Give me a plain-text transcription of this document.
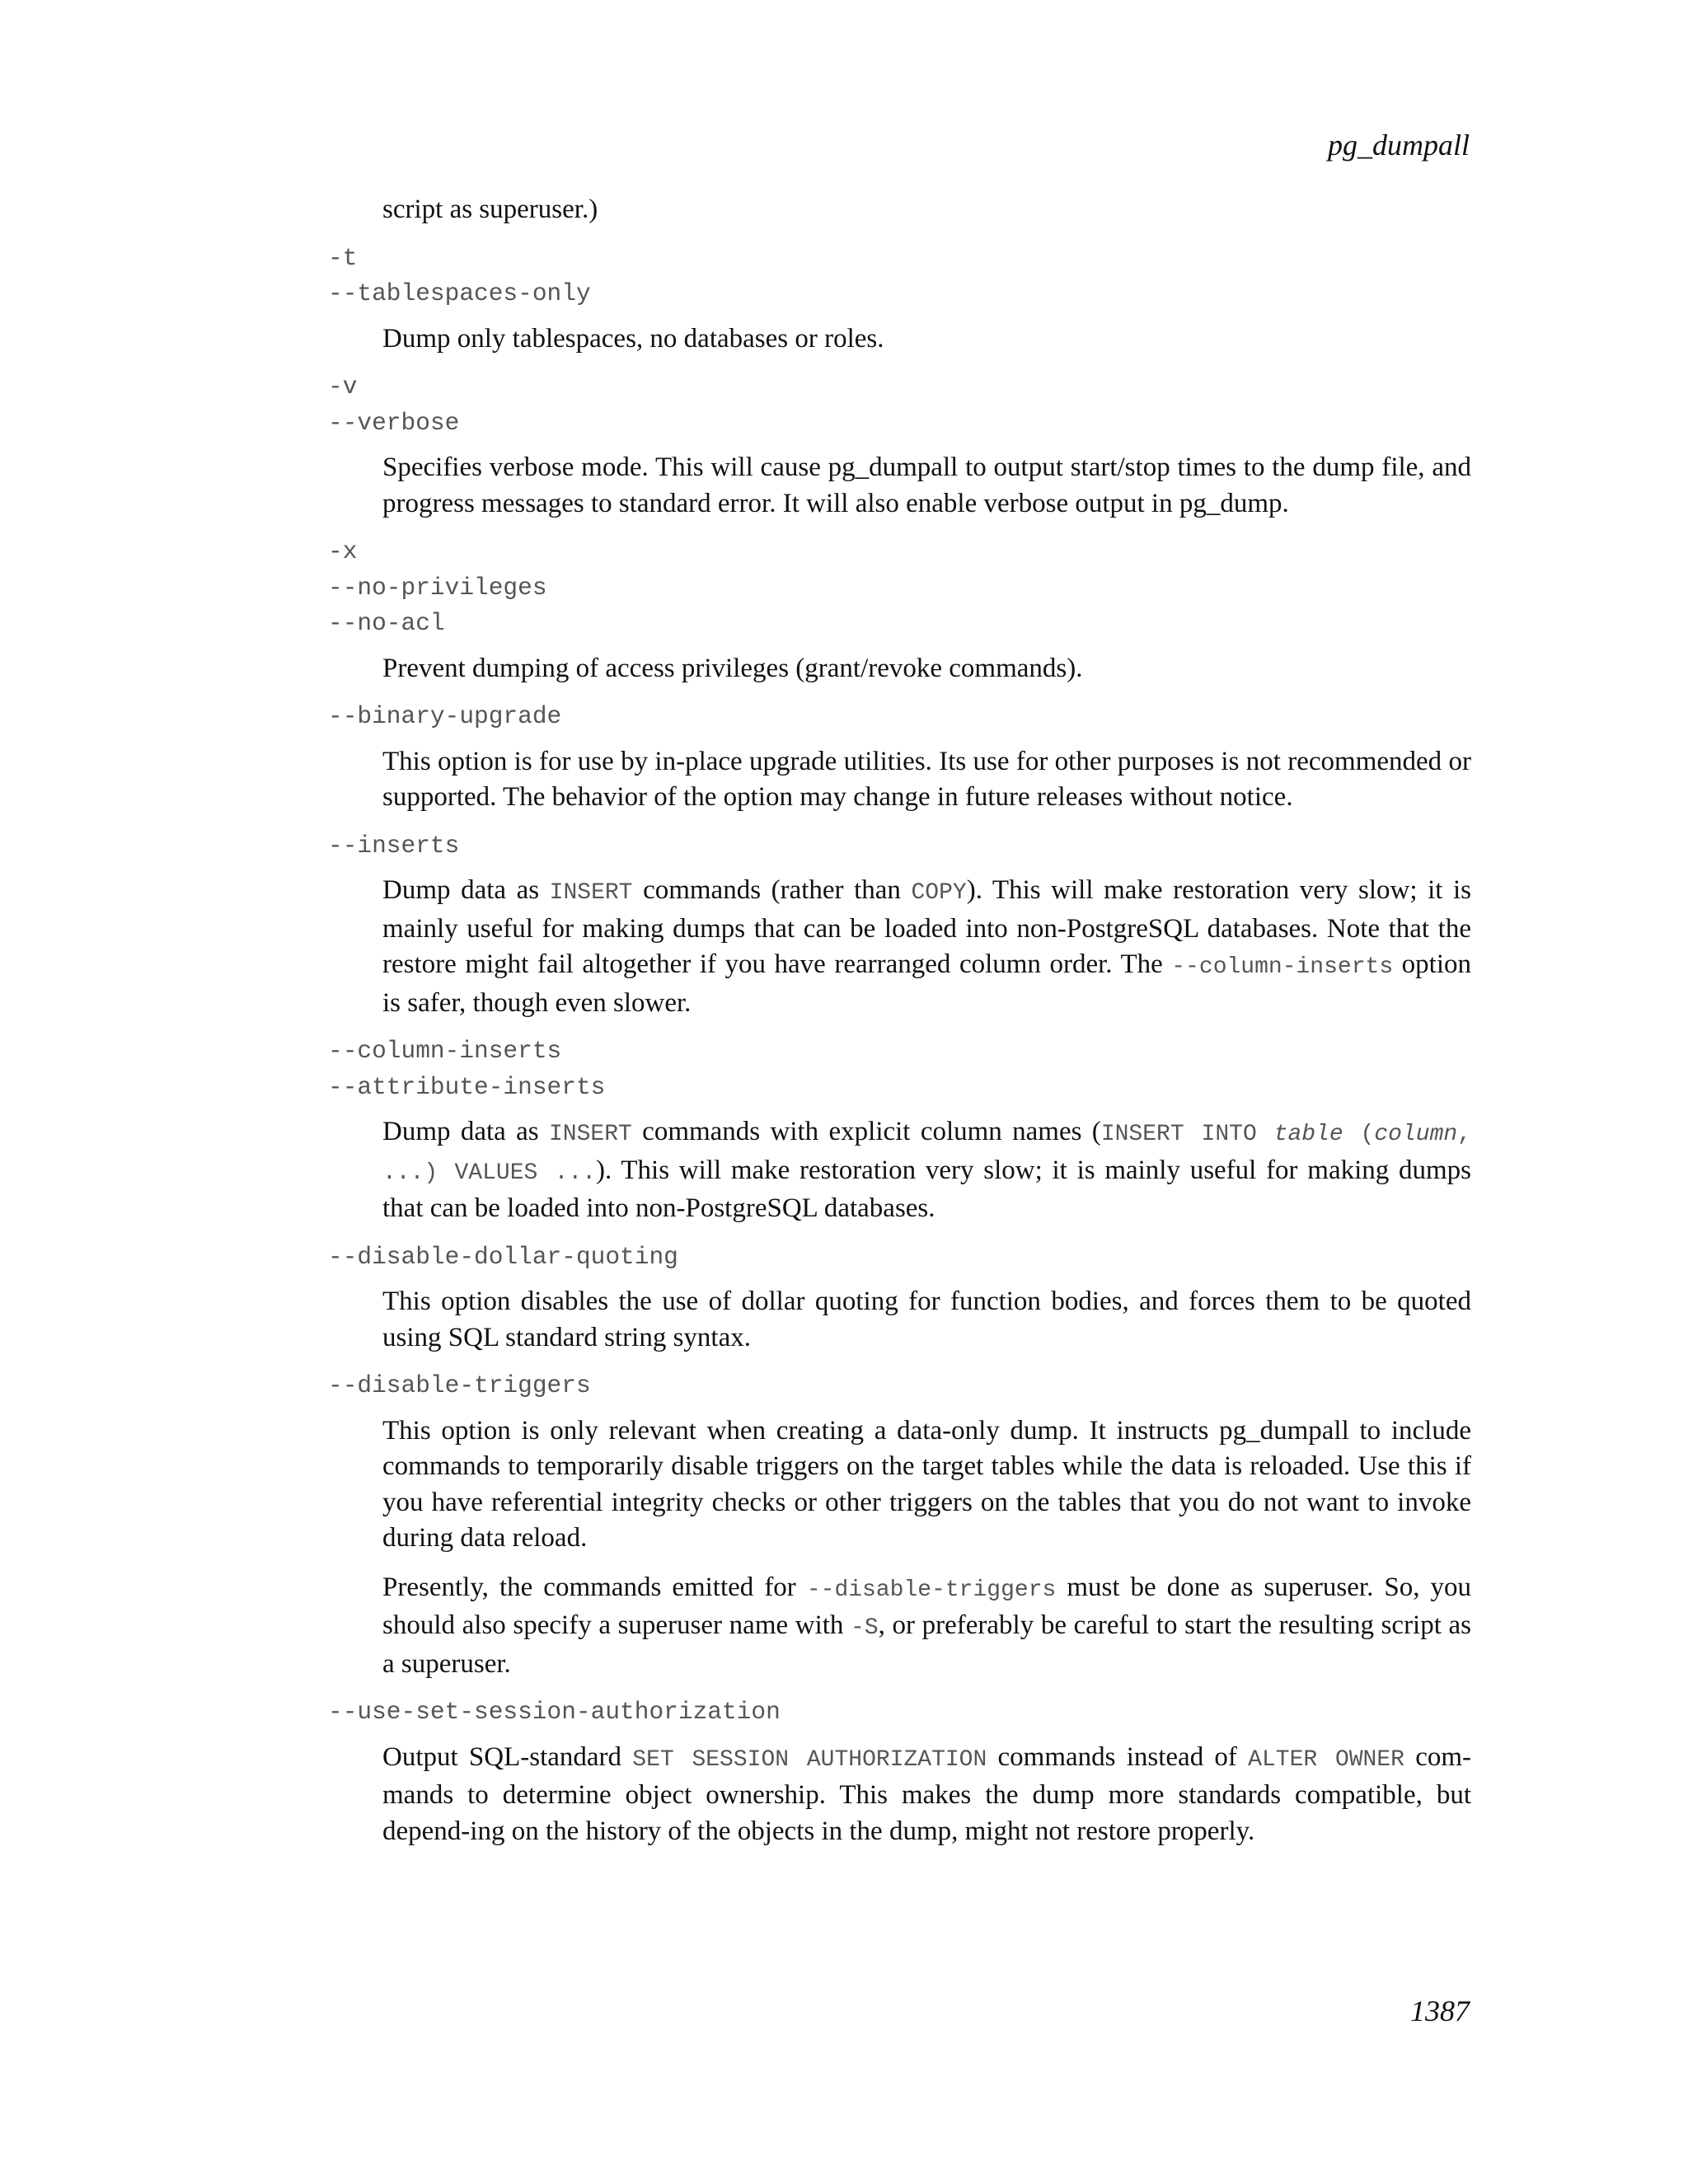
pg_dumpall
script as superuser.)
-t
--tablespaces-only
Dump only tablespaces, no databases or roles.
-v
--verbose
Specifies verbose mode. This will cause pg_dumpall to output start/stop times to the dump file, and progress messages to standard error. It will also enable verbose output in pg_dump.
-x
--no-privileges
--no-acl
Prevent dumping of access privileges (grant/revoke commands).
--binary-upgrade
This option is for use by in-place upgrade utilities. Its use for other purposes is not recommended or supported. The behavior of the option may change in future releases without notice.
--inserts
Dump data as INSERT commands (rather than COPY). This will make restoration very slow; it is mainly useful for making dumps that can be loaded into non-PostgreSQL databases. Note that the restore might fail altogether if you have rearranged column order. The --column-inserts option is safer, though even slower.
--column-inserts
--attribute-inserts
Dump data as INSERT commands with explicit column names (INSERT INTO table (column, ...) VALUES ...). This will make restoration very slow; it is mainly useful for making dumps that can be loaded into non-PostgreSQL databases.
--disable-dollar-quoting
This option disables the use of dollar quoting for function bodies, and forces them to be quoted using SQL standard string syntax.
--disable-triggers
This option is only relevant when creating a data-only dump. It instructs pg_dumpall to include commands to temporarily disable triggers on the target tables while the data is reloaded. Use this if you have referential integrity checks or other triggers on the tables that you do not want to invoke during data reload.
Presently, the commands emitted for --disable-triggers must be done as superuser. So, you should also specify a superuser name with -S, or preferably be careful to start the resulting script as a superuser.
--use-set-session-authorization
Output SQL-standard SET SESSION AUTHORIZATION commands instead of ALTER OWNER com-mands to determine object ownership. This makes the dump more standards compatible, but depend-ing on the history of the objects in the dump, might not restore properly.
1387
